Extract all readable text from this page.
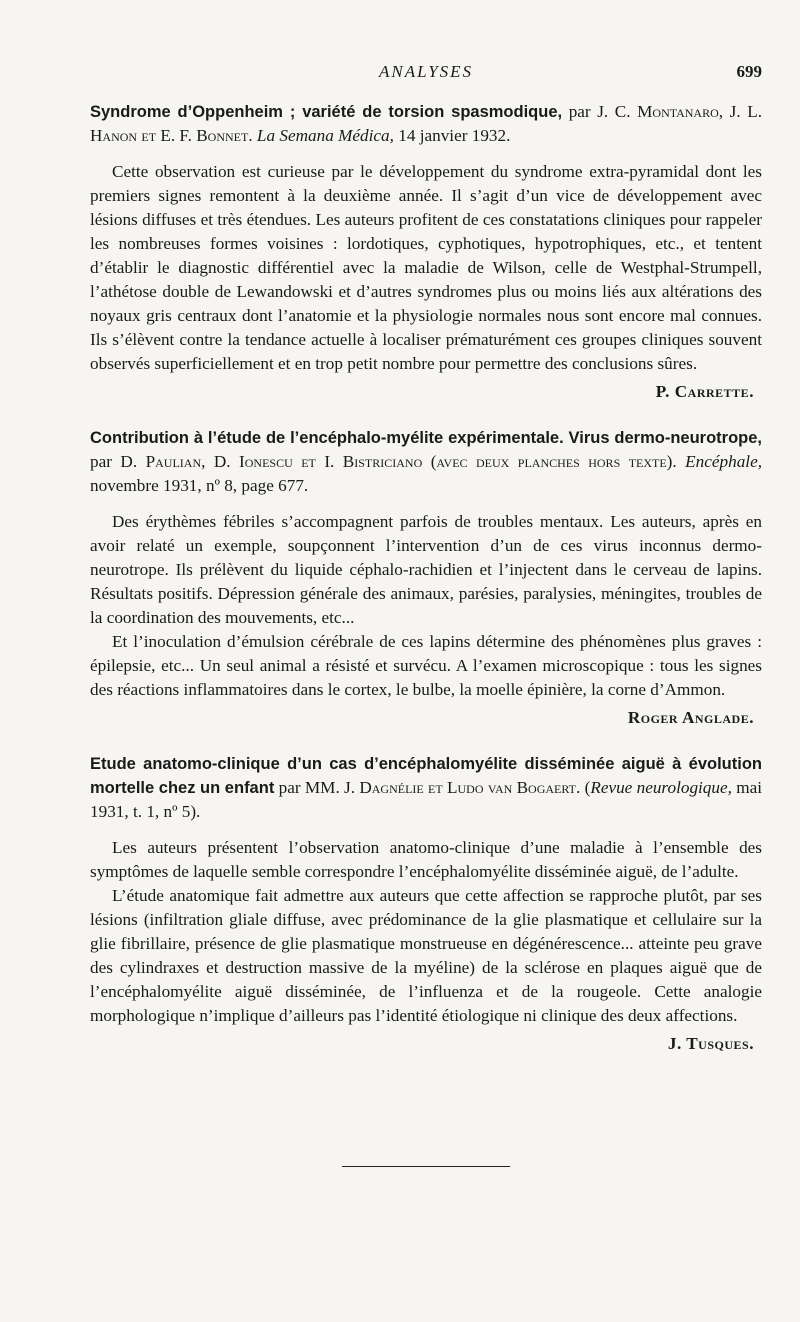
ANALYSES	699

Syndrome d’Oppenheim ; variété de torsion spasmodique, par J. C. Montanaro, J. L. Hanon et E. F. Bonnet. La Semana Médica, 14 janvier 1932.

Cette observation est curieuse par le développement du syndrome extra-pyramidal dont les premiers signes remontent à la deuxième année. Il s’agit d’un vice de développement avec lésions diffuses et très étendues. Les auteurs profitent de ces constatations cliniques pour rappeler les nombreuses formes voisines : lordotiques, cyphotiques, hypotrophiques, etc., et tentent d’établir le diagnostic différentiel avec la maladie de Wilson, celle de Westphal-Strumpell, l’athétose double de Lewandowski et d’autres syndromes plus ou moins liés aux altérations des noyaux gris centraux dont l’anatomie et la physiologie normales nous sont encore mal connues. Ils s’élèvent contre la tendance actuelle à localiser prématurément ces groupes cliniques souvent observés superficiellement et en trop petit nombre pour permettre des conclusions sûres.

P. Carrette.

Contribution à l’étude de l’encéphalo-myélite expérimentale. Virus dermo-neurotrope, par D. Paulian, D. Ionescu et I. Bistriciano (avec deux planches hors texte). Encéphale, novembre 1931, nº 8, page 677.

Des érythèmes fébriles s’accompagnent parfois de troubles mentaux. Les auteurs, après en avoir relaté un exemple, soupçonnent l’intervention d’un de ces virus inconnus dermo-neurotrope. Ils prélèvent du liquide céphalo-rachidien et l’injectent dans le cerveau de lapins. Résultats positifs. Dépression générale des animaux, parésies, paralysies, méningites, troubles de la coordination des mouvements, etc...

Et l’inoculation d’émulsion cérébrale de ces lapins détermine des phénomènes plus graves : épilepsie, etc... Un seul animal a résisté et survécu. A l’examen microscopique : tous les signes des réactions inflammatoires dans le cortex, le bulbe, la moelle épinière, la corne d’Ammon.

Roger Anglade.

Etude anatomo-clinique d’un cas d’encéphalomyélite disséminée aiguë à évolution mortelle chez un enfant par MM. J. Dagnélie et Ludo van Bogaert. (Revue neurologique, mai 1931, t. 1, nº 5).

Les auteurs présentent l’observation anatomo-clinique d’une maladie à l’ensemble des symptômes de laquelle semble correspondre l’encéphalomyélite disséminée aiguë, de l’adulte.

L’étude anatomique fait admettre aux auteurs que cette affection se rapproche plutôt, par ses lésions (infiltration gliale diffuse, avec prédominance de la glie plasmatique et cellulaire sur la glie fibrillaire, présence de glie plasmatique monstrueuse en dégénérescence... atteinte peu grave des cylindraxes et destruction massive de la myéline) de la sclérose en plaques aiguë que de l’encéphalomyélite aiguë disséminée, de l’influenza et de la rougeole. Cette analogie morphologique n’implique d’ailleurs pas l’identité étiologique ni clinique des deux affections.

J. Tusques.
